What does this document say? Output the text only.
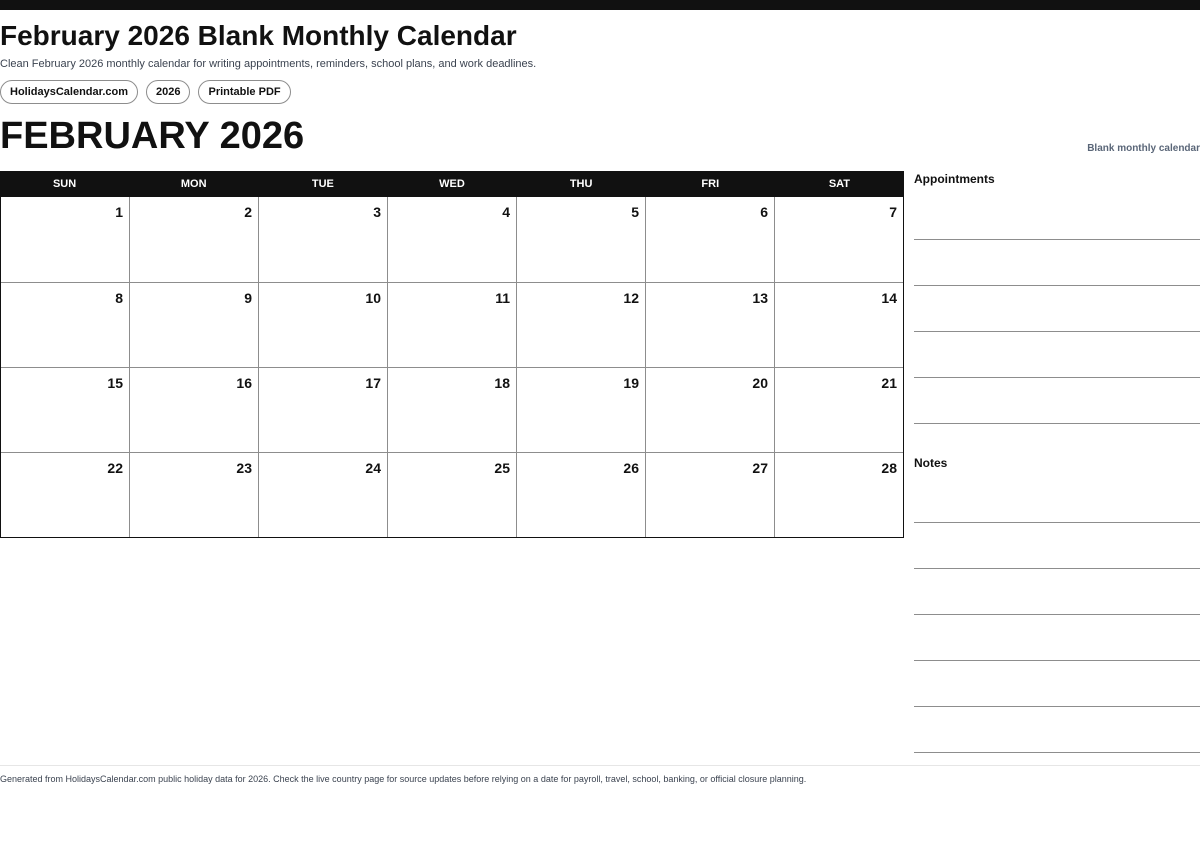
February 2026 Blank Monthly Calendar
Clean February 2026 monthly calendar for writing appointments, reminders, school plans, and work deadlines.
HolidaysCalendar.com	2026	Printable PDF
FEBRUARY 2026	Blank monthly calendar
SUN	MON	TUE	WED	THU	FRI	SAT
1	2	3	4	5	6	7
8	9	10	11	12	13	14
15	16	17	18	19	20	21
22	23	24	25	26	27	28
Appointments
Notes
Generated from HolidaysCalendar.com public holiday data for 2026. Check the live country page for source updates before relying on a date for payroll, travel, school, banking, or official closure planning.
